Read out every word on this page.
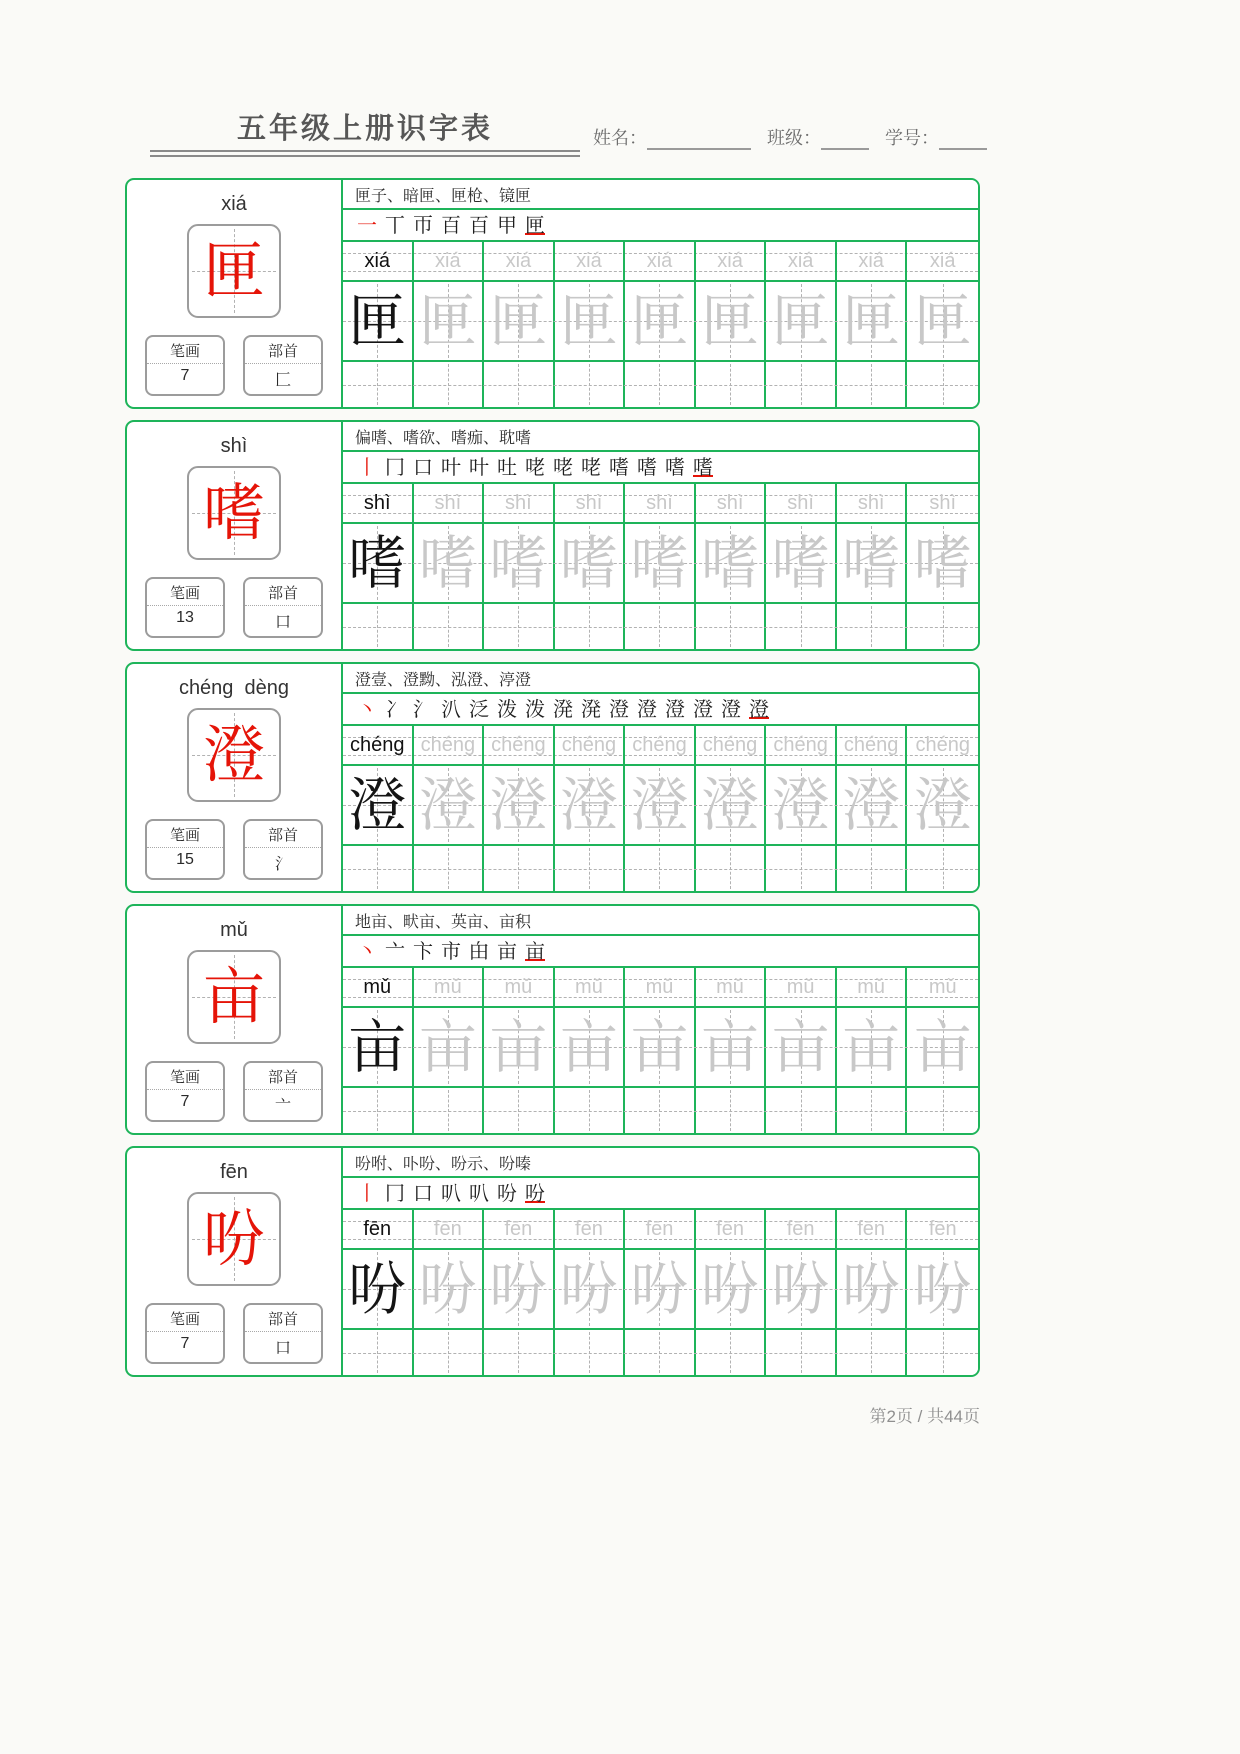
五年级上册识字表	姓名：	班级：	学号：
xiá
匣
笔画
7
部首
匚
匣子、暗匣、匣枪、镜匣
一 丅 帀 百 百 甲 匣
xiá	xiá	xiá	xiá	xiá	xiá	xiá	xiá	xiá
匣 匣 匣 匣 匣 匣 匣 匣 匣
shì
嗜
笔画
13
部首
口
偏嗜、嗜欲、嗜痂、耽嗜
丨 冂 口 叶 叶 吐 咾 咾 咾 嗜 嗜 嗜 嗜
shì	shì	shì	shì	shì	shì	shì	shì	shì
嗜 嗜 嗜 嗜 嗜 嗜 嗜 嗜 嗜
chéng  dèng
澄
笔画
15
部首
氵
澄壹、澄黝、泓澄、渟澄
丶 冫 氵 汃 泛 泼 泼 溌 溌 澄 澄 澄 澄 澄 澄
chéng chéng chéng chéng chéng chéng chéng chéng chéng
澄 澄 澄 澄 澄 澄 澄 澄 澄
mǔ
亩
笔画
7
部首
亠
地亩、畎亩、英亩、亩积
丶 亠 卞 市 甶 亩 亩
mǔ	mǔ	mǔ	mǔ	mǔ	mǔ	mǔ	mǔ	mǔ
亩 亩 亩 亩 亩 亩 亩 亩 亩
fēn
吩
笔画
7
部首
口
吩咐、卟吩、吩示、吩嗪
丨 冂 口 叭 叭 吩 吩
fēn	fēn	fēn	fēn	fēn	fēn	fēn	fēn	fēn
吩 吩 吩 吩 吩 吩 吩 吩 吩
第2页 / 共44页
